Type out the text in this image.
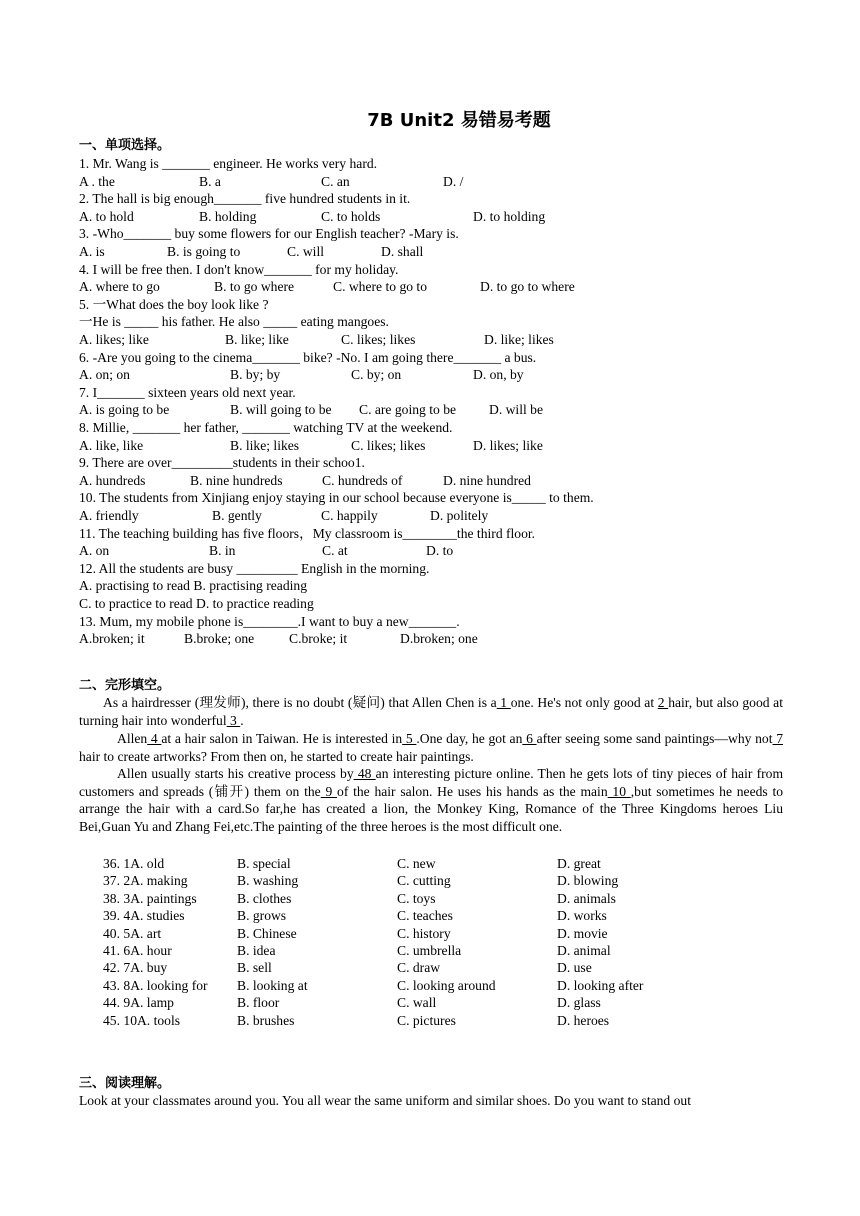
7B Unit2 易错易考题
一、单项选择。
1. Mr. Wang is _______ engineer. He works very hard.
A . the	B. a	C. an	D. /
2. The hall is big enough_______ five hundred students in it.
A. to hold	B. holding	C. to holds	D. to holding
3. -Who_______ buy some flowers for our English teacher? -Mary is.
A. is	B. is going to	C. will	D. shall
4. I will be free then. I don't know_______ for my holiday.
A. where to go	B. to go where	C. where to go to	D. to go to where
5. 一What does the boy look like ?
一He is _____ his father. He also _____ eating mangoes.
A. likes; like	B. like; like	C. likes; likes	D. like; likes
6. -Are you going to the cinema_______ bike? -No. I am going there_______ a bus.
A. on; on	B. by; by	C. by; on	D. on, by
7. I_______ sixteen years old next year.
A. is going to be	B. will going to be C. are going to be D. will be
8. Millie, _______ her father, _______ watching TV at the weekend.
A. like, like	B. like; likes	C. likes; likes	D. likes; like
9. There are over_________students in their schoo1.
A. hundreds	B. nine hundreds	C. hundreds of	D. nine hundred
10. The students from Xinjiang enjoy staying in our school because everyone is_____ to them.
A. friendly	B. gently	C. happily	D. politely
11. The teaching building has five floors，My classroom is________the third floor.
A. on	B. in	C. at	D. to
12. All the students are busy _________ English in the morning.
A. practising to read B. practising reading
C. to practice to read D. to practice reading
13. Mum, my mobile phone is________.I want to buy a new_______.
A.broken; it	B.broke; one	C.broke; it	D.broken; one
二、完形填空。
As a hairdresser (理发师), there is no doubt (疑问) that Allen Chen is a 1 one. He's not only good at 2 hair, but also good at turning hair into wonderful 3 .
Allen 4 at a hair salon in Taiwan. He is interested in 5 .One day, he got an 6 after seeing some sand paintings—why not 7 hair to create artworks? From then on, he started to create hair paintings.
Allen usually starts his creative process by 48 an interesting picture online. Then he gets lots of tiny pieces of hair from customers and spreads (铺开) them on the 9 of the hair salon. He uses his hands as the main 10 ,but sometimes he needs to arrange the hair with a card.So far,he has created a lion, the Monkey King, Romance of the Three Kingdoms heroes Liu Bei,Guan Yu and Zhang Fei,etc.The painting of the three heroes is the most difficult one.
36. 1A. old	B. special	C. new	D. great
37. 2A. making	B. washing	C. cutting	D. blowing
38. 3A. paintings	B. clothes	C. toys	D. animals
39. 4A. studies	B. grows	C. teaches	D. works
40. 5A. art	B. Chinese	C. history	D. movie
41. 6A. hour	B. idea	C. umbrella	D. animal
42. 7A. buy	B. sell	C. draw	D. use
43. 8A. looking for B. looking at	C. looking around	D. looking after
44. 9A. lamp	B. floor	C. wall	D. glass
45. 10A. tools	B. brushes	C. pictures	D. heroes
三、阅读理解。
Look at your classmates around you. You all wear the same uniform and similar shoes. Do you want to stand out
